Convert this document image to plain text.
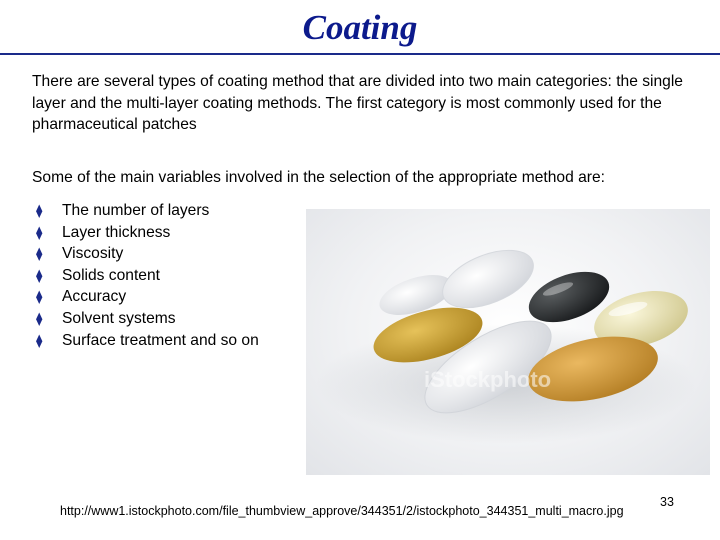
Coating
There are several types of coating method that are divided into two main categories: the single layer and the multi-layer coating methods. The first category is most commonly used for the pharmaceutical patches
Some of the main variables involved in the selection of the appropriate method are:
⧫ The number of layers
⧫ Layer thickness
⧫ Viscosity
⧫ Solids content
⧫ Accuracy
⧫ Solvent systems
⧫ Surface treatment and so on
iStockphoto
33
http://www1.istockphoto.com/file_thumbview_approve/344351/2/istockphoto_344351_multi_macro.jpg
